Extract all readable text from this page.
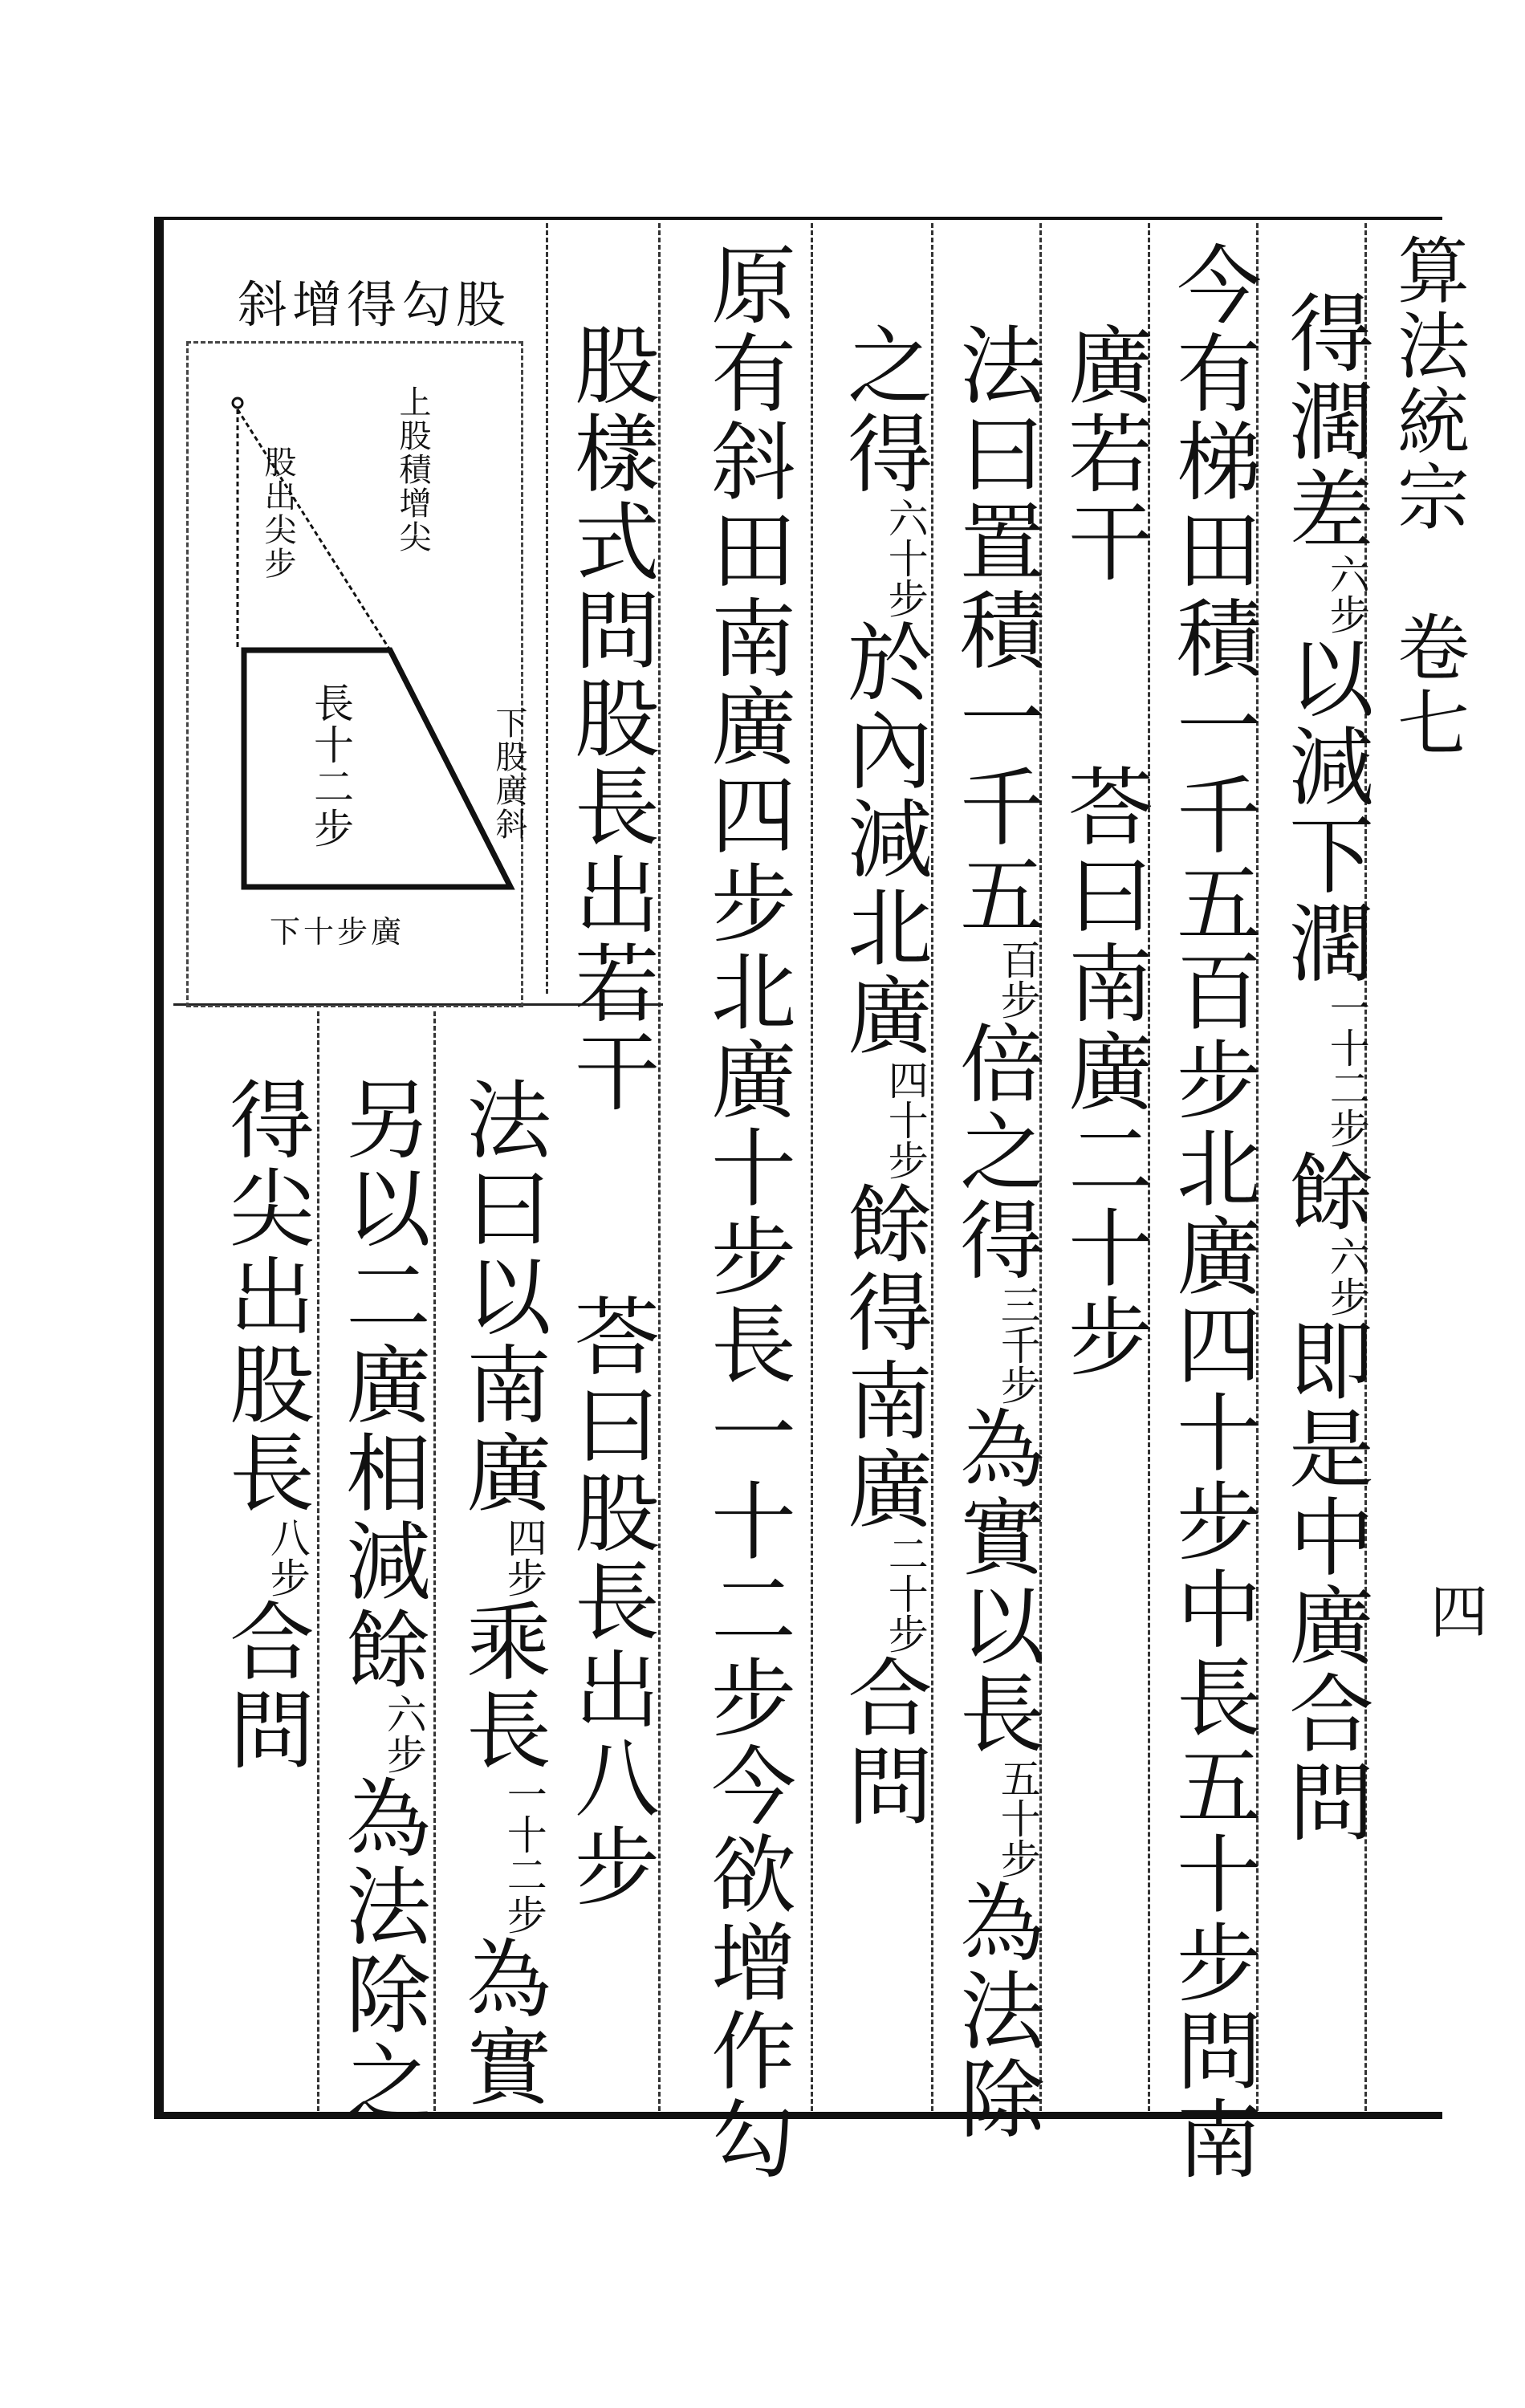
算法統宗　卷七
四
得濶差六步以減下濶一十二步餘六步即是中廣合問
今有梯田積一千五百步北廣四十步中長五十步問南
廣若干　　荅曰南廣二十步
法曰置積一千五百步倍之得三千步為實以長五十步為法除
之得六十步於內減北廣四十步餘得南廣二十步合問
原有斜田南廣四步北廣十步長一十二步今欲增作勾
股樣式問股長出若干　　荅曰股長出八步
法曰以南廣四步乘長一十二步為實
另以二廣相減餘六步為法除之
得尖出股長八步合問
斜增得勾股
上股積增尖
股出尖步
長十二步	下股廣斜
下十步廣
